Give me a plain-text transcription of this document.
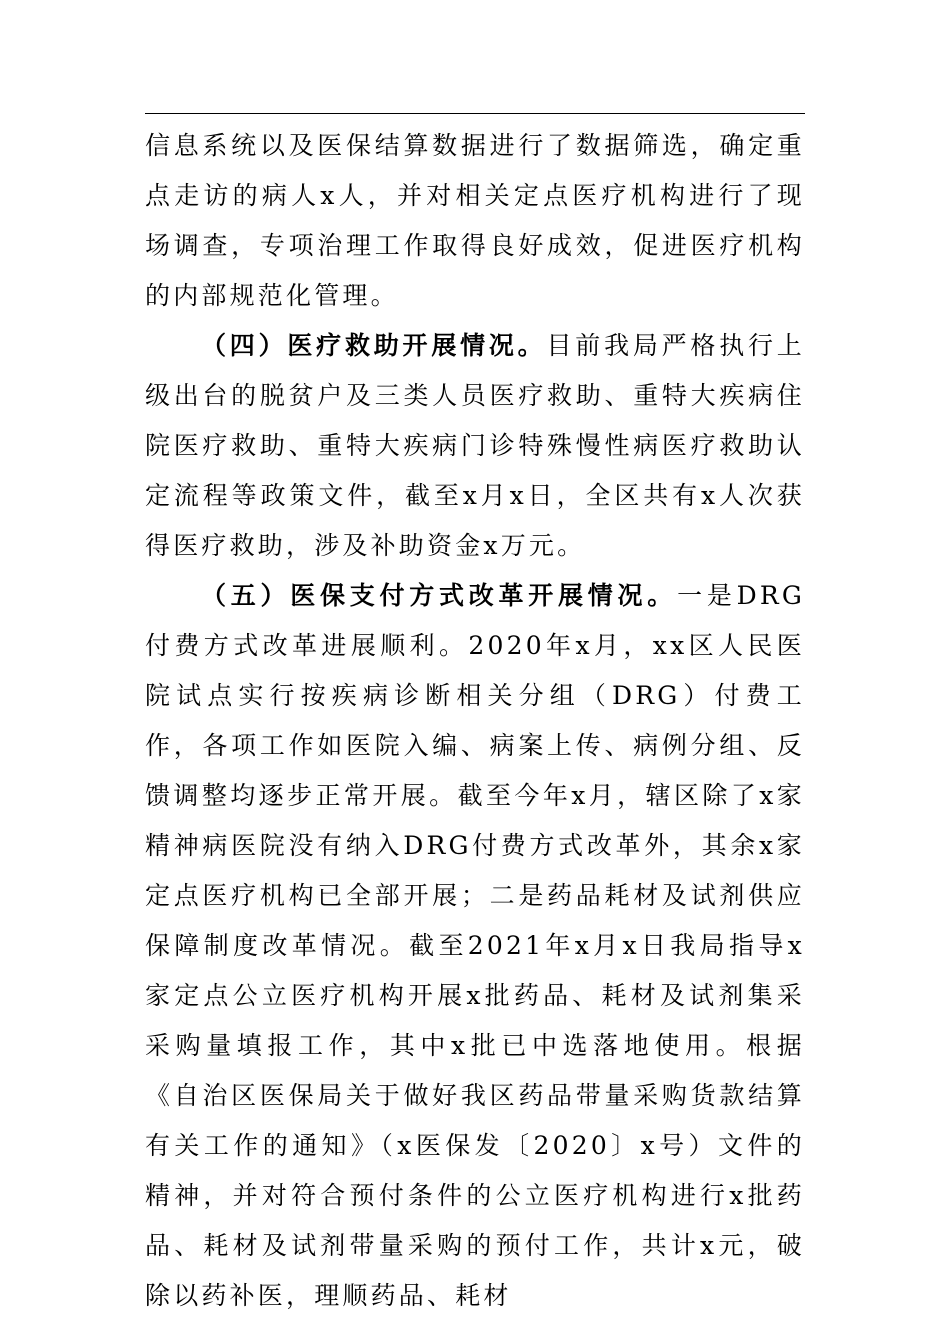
信息系统以及医保结算数据进行了数据筛选，确定重点走访的病人x人，并对相关定点医疗机构进行了现场调查，专项治理工作取得良好成效，促进医疗机构的内部规范化管理。

（四）医疗救助开展情况。目前我局严格执行上级出台的脱贫户及三类人员医疗救助、重特大疾病住院医疗救助、重特大疾病门诊特殊慢性病医疗救助认定流程等政策文件，截至x月x日，全区共有x人次获得医疗救助，涉及补助资金x万元。

（五）医保支付方式改革开展情况。一是DRG付费方式改革进展顺利。2020年x月，xx区人民医院试点实行按疾病诊断相关分组（DRG）付费工作，各项工作如医院入编、病案上传、病例分组、反馈调整均逐步正常开展。截至今年x月，辖区除了x家精神病医院没有纳入DRG付费方式改革外，其余x家定点医疗机构已全部开展；二是药品耗材及试剂供应保障制度改革情况。截至2021年x月x日我局指导x家定点公立医疗机构开展x批药品、耗材及试剂集采采购量填报工作，其中x批已中选落地使用。根据《自治区医保局关于做好我区药品带量采购货款结算有关工作的通知》（x医保发〔2020〕x号）文件的精神，并对符合预付条件的公立医疗机构进行x批药品、耗材及试剂带量采购的预付工作，共计x元，破除以药补医，理顺药品、耗材
